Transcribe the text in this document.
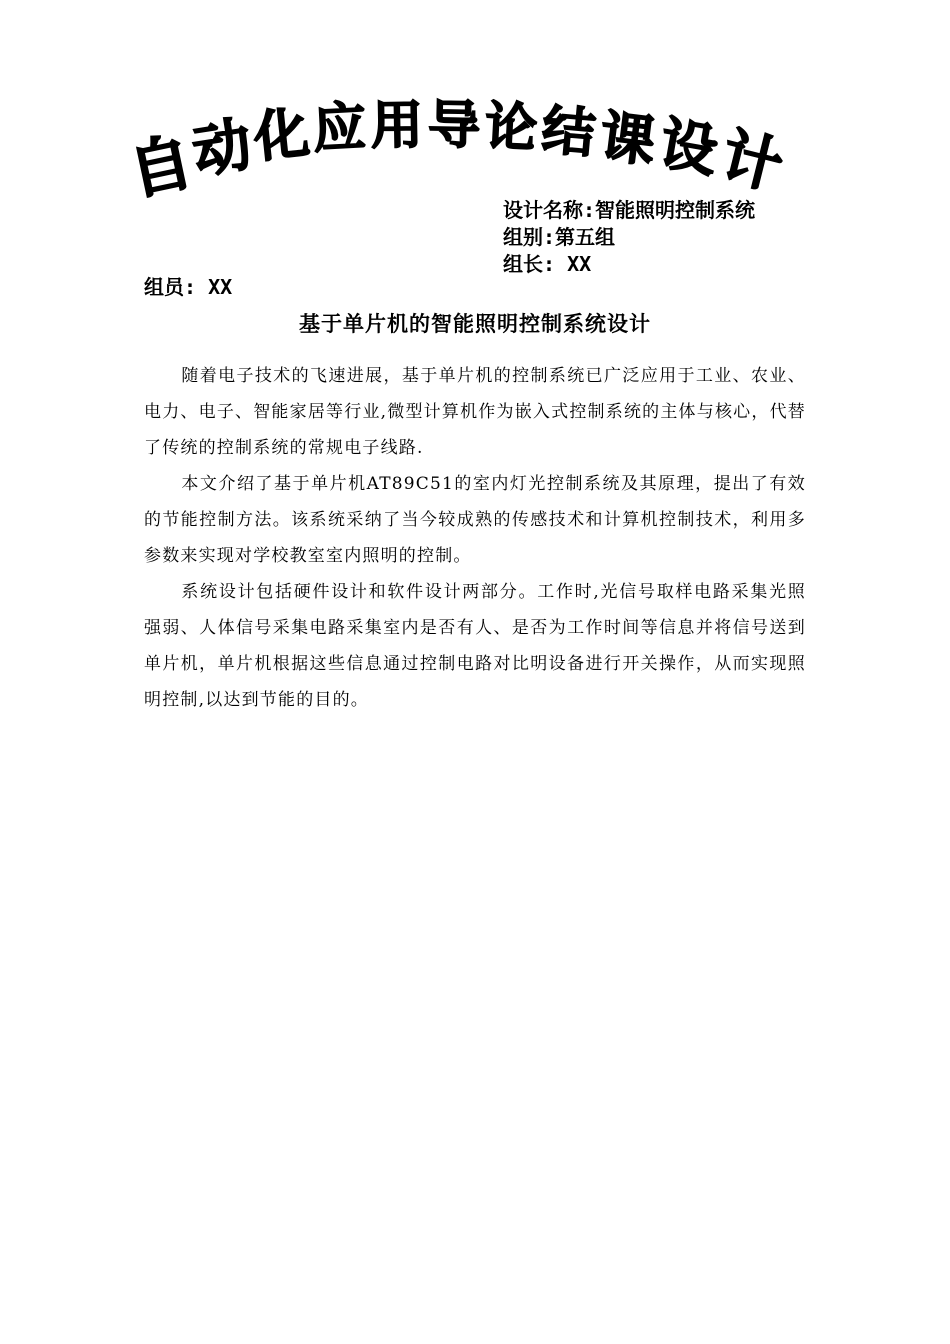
自
动
化 应 用 导 论 结
课
设
计
设计名称:智能照明控制系统
组别:第五组
组长: XX
组员: XX
基于单片机的智能照明控制系统设计

随着电子技术的飞速进展，基于单片机的控制系统已广泛应用于工业、农业、电力、电子、智能家居等行业,微型计算机作为嵌入式控制系统的主体与核心，代替了传统的控制系统的常规电子线路.

本文介绍了基于单片机AT89C51的室内灯光控制系统及其原理，提出了有效的节能控制方法。该系统采纳了当今较成熟的传感技术和计算机控制技术，利用多参数来实现对学校教室室内照明的控制。

系统设计包括硬件设计和软件设计两部分。工作时,光信号取样电路采集光照强弱、人体信号采集电路采集室内是否有人、是否为工作时间等信息并将信号送到单片机，单片机根据这些信息通过控制电路对比明设备进行开关操作，从而实现照明控制,以达到节能的目的。
